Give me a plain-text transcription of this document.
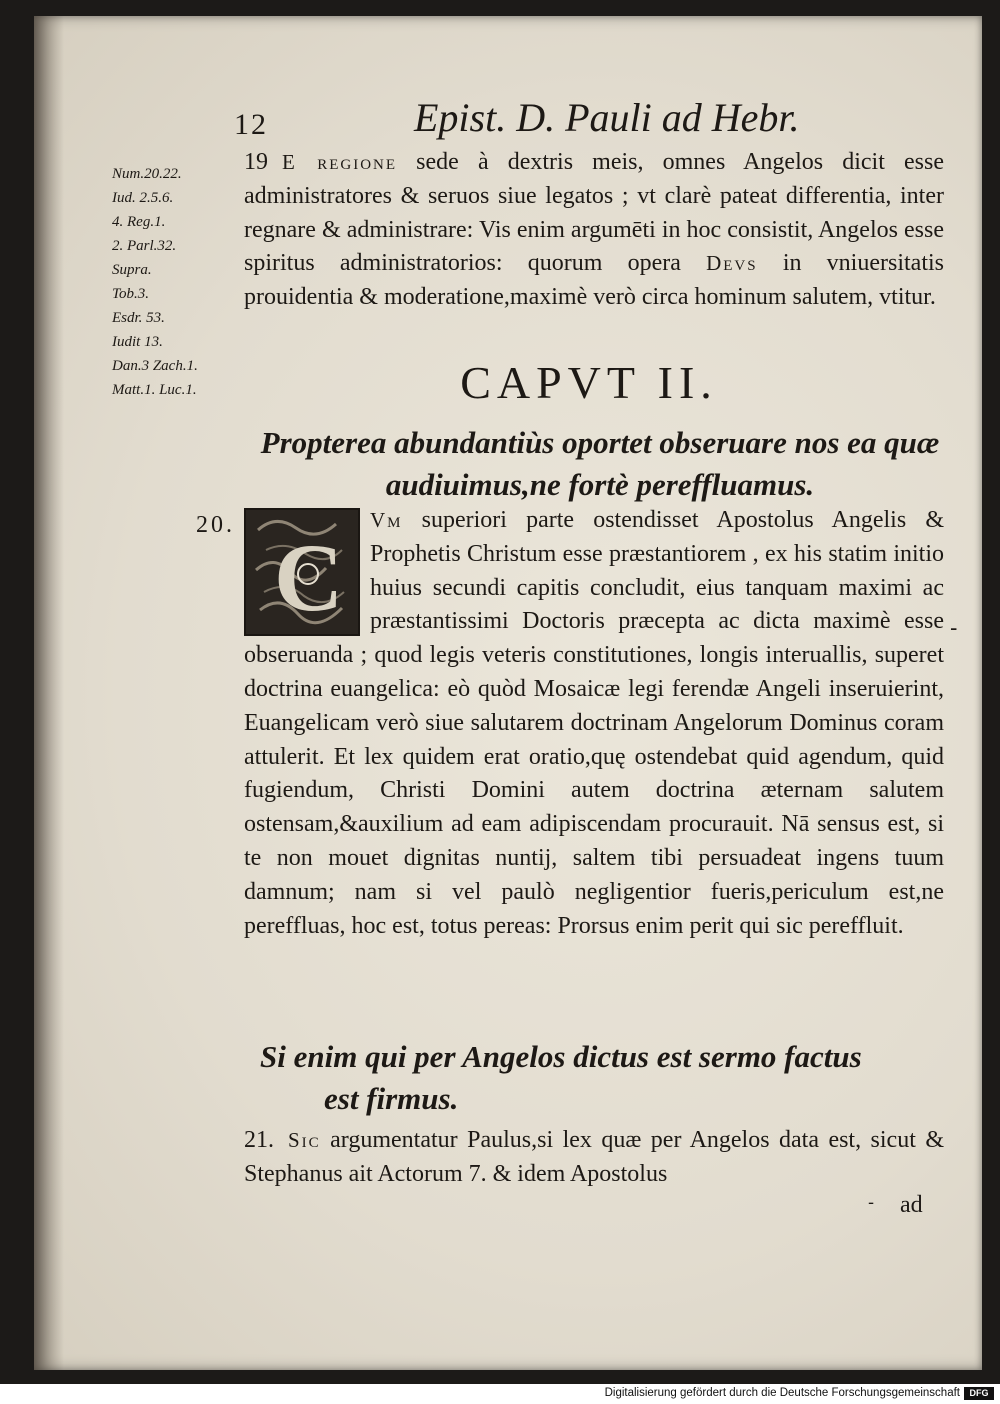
12	Epist. D. Pauli ad Hebr.
Num.20.22.
Iud. 2.5.6.
4. Reg.1.
2. Parl.32.
Supra.
Tob.3.
Esdr. 53.
Iudit 13.
Dan.3 Zach.1.
Matt.1. Luc.1.
19 E regione sede à dextris meis, omnes Angelos dicit esse administratores & seruos siue legatos ; vt clarè pateat differentia, inter regnare & administrare: Vis enim argumēti in hoc consistit, Angelos esse spiritus administratorios: quorum opera Devs in vniuersitatis prouidentia & moderatione,maximè verò circa hominum salutem, vtitur.
CAPVT II.
Propterea abundantiùs oportet obseruare nos ea quæ audiuimus,ne fortè pereffluamus.
20. C
Vm superiori parte ostendisset Apostolus Angelis & Prophetis Christum esse præstantiorem , ex his statim initio huius secundi capitis concludit, eius tanquam maximi ac præstantissimi Doctoris præcepta ac dicta maximè esse obseruanda ; quod legis veteris constitutiones, longis interuallis, superet doctrina euangelica: eò quòd Mosaicæ legi ferendæ Angeli inseruierint, Euangelicam verò siue salutarem doctrinam Angelorum Dominus coram attulerit. Et lex quidem erat oratio,quę ostendebat quid agendum, quid fugiendum, Christi Domini autem doctrina æternam salutem ostensam,&auxilium ad eam adipiscendam procurauit. Nā sensus est, si te non mouet dignitas nuntij, saltem tibi persuadeat ingens tuum damnum; nam si vel paulò negligentior fueris,periculum est,ne pereffluas, hoc est, totus pereas: Prorsus enim perit qui sic pereffluit.
-
Si enim qui per Angelos dictus est sermo factus
est firmus.
21. Sic argumentatur Paulus,si lex quæ per Angelos data est, sicut & Stephanus ait Actorum 7. & idem Apostolus
- ad
Digitalisierung gefördert durch die Deutsche Forschungsgemeinschaft	DFG
